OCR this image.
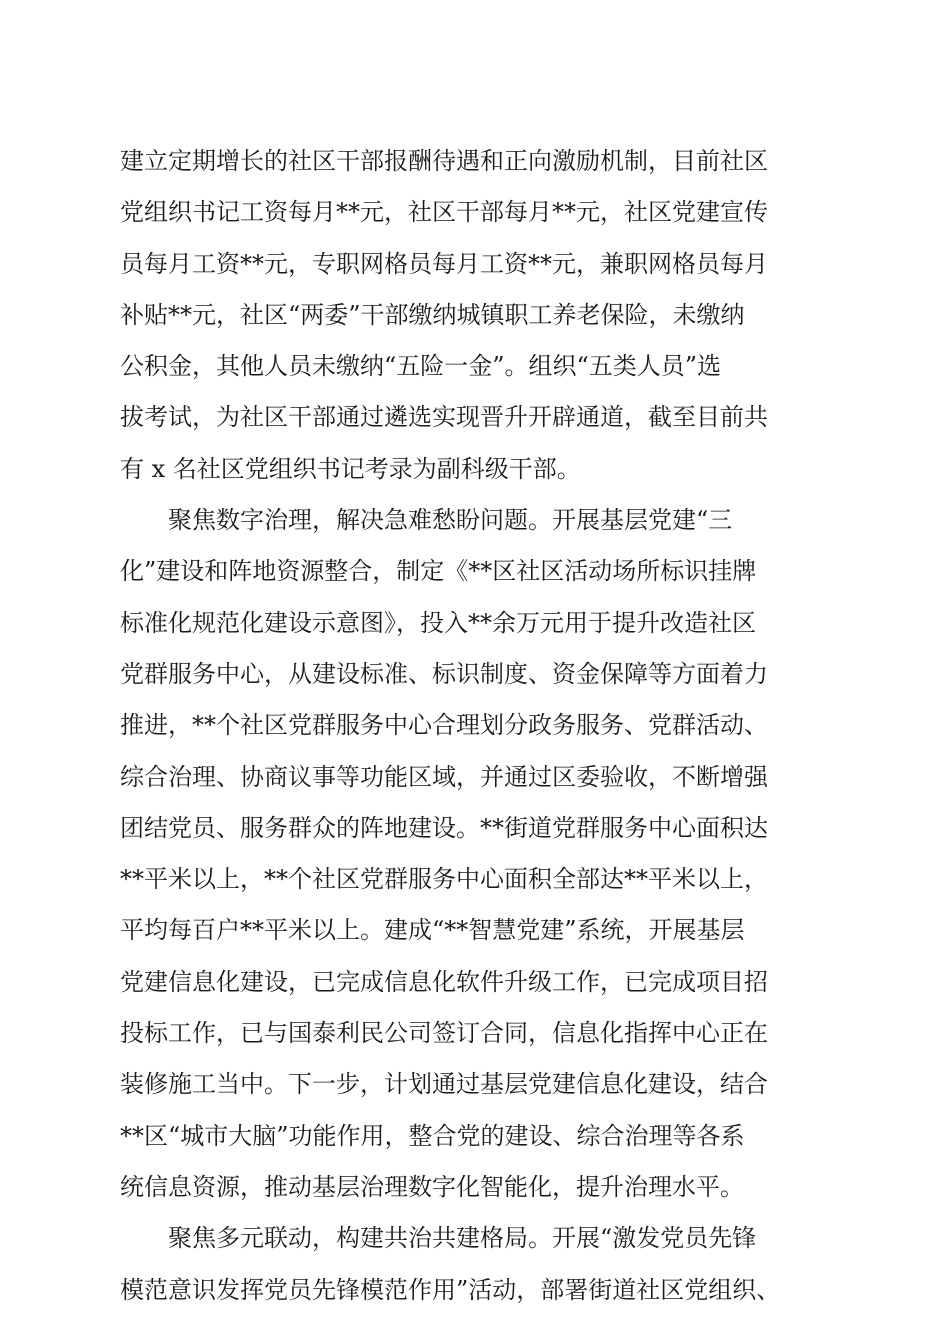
建立定期增长的社区干部报酬待遇和正向激励机制，目前社区
党组织书记工资每月**元，社区干部每月**元，社区党建宣传
员每月工资**元，专职网格员每月工资**元，兼职网格员每月
补贴**元，社区“两委”干部缴纳城镇职工养老保险，未缴纳
公积金，其他人员未缴纳“五险一金”。组织“五类人员”选
拔考试，为社区干部通过遴选实现晋升开辟通道，截至目前共
有 x 名社区党组织书记考录为副科级干部。
聚焦数字治理，解决急难愁盼问题。开展基层党建“三
化”建设和阵地资源整合，制定《**区社区活动场所标识挂牌
标准化规范化建设示意图》，投入**余万元用于提升改造社区
党群服务中心，从建设标准、标识制度、资金保障等方面着力
推进，**个社区党群服务中心合理划分政务服务、党群活动、
综合治理、协商议事等功能区域，并通过区委验收，不断增强
团结党员、服务群众的阵地建设。**街道党群服务中心面积达
**平米以上，**个社区党群服务中心面积全部达**平米以上，
平均每百户**平米以上。建成“**智慧党建”系统，开展基层
党建信息化建设，已完成信息化软件升级工作，已完成项目招
投标工作，已与国泰利民公司签订合同，信息化指挥中心正在
装修施工当中。下一步，计划通过基层党建信息化建设，结合
**区“城市大脑”功能作用，整合党的建设、综合治理等各系
统信息资源，推动基层治理数字化智能化，提升治理水平。
聚焦多元联动，构建共治共建格局。开展“激发党员先锋
模范意识发挥党员先锋模范作用”活动，部署街道社区党组织、
